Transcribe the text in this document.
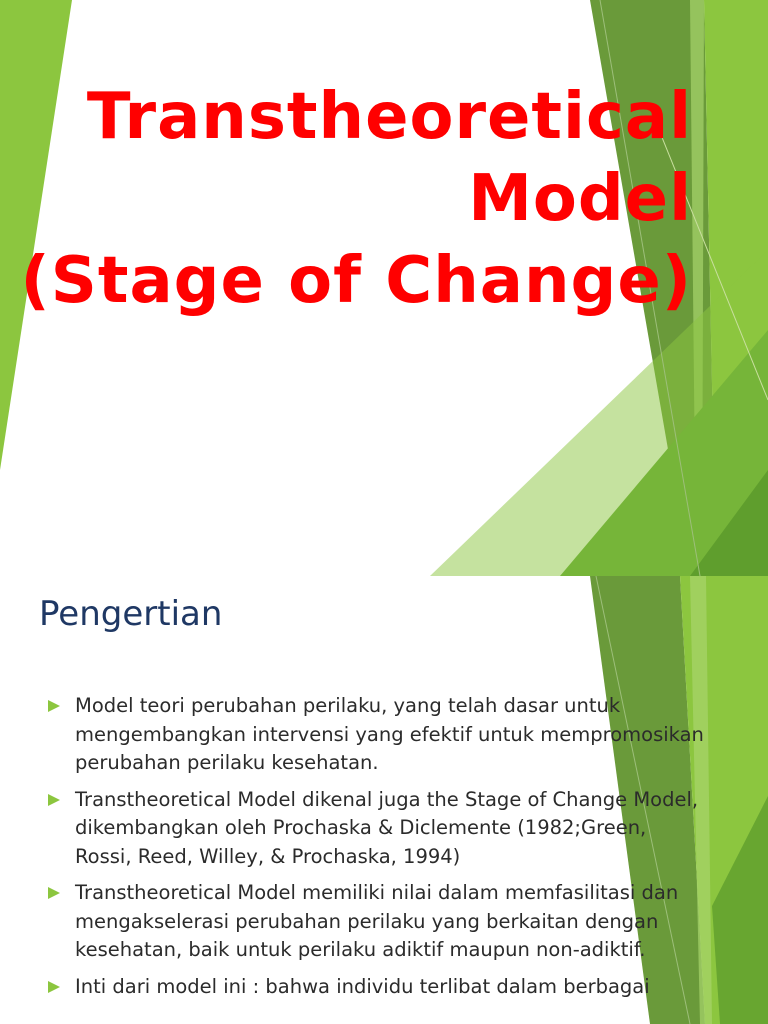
Transtheoretical
Model
(Stage of Change)
Pengertian
Model teori perubahan perilaku, yang telah dasar untuk mengembangkan intervensi yang efektif untuk mempromosikan perubahan perilaku kesehatan.
Transtheoretical Model dikenal juga the Stage of Change Model, dikembangkan oleh Prochaska & Diclemente (1982;Green, Rossi, Reed, Willey, & Prochaska, 1994)
Transtheoretical Model memiliki nilai dalam memfasilitasi dan mengakselerasi perubahan perilaku yang berkaitan dengan kesehatan, baik untuk perilaku adiktif maupun non-adiktif.
Inti dari model ini : bahwa individu terlibat dalam berbagai
